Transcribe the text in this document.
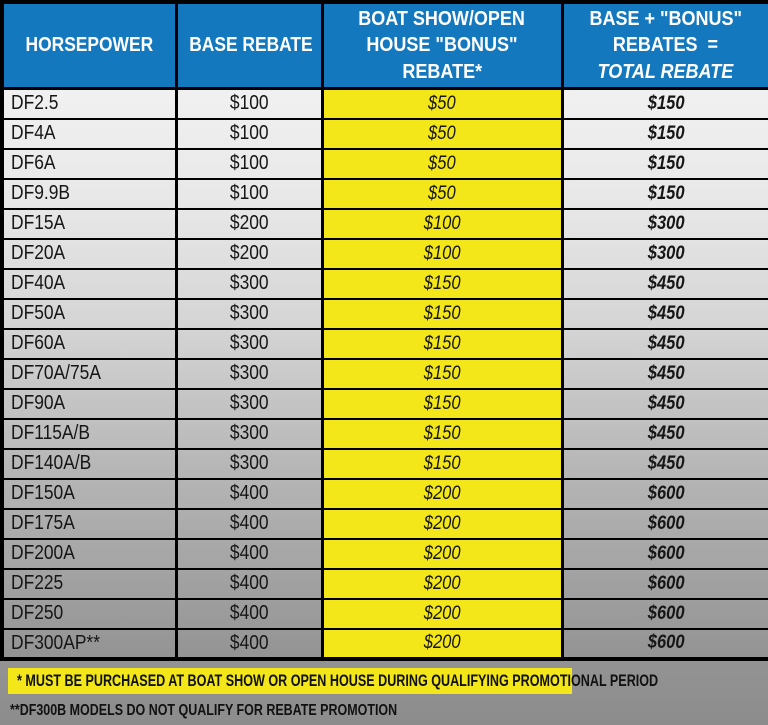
HORSEPOWER	BASE REBATE	BOAT SHOW/OPEN
HOUSE "BONUS"
REBATE*	BASE + "BONUS"
REBATES  =
TOTAL REBATE

DF2.5	$100	$50	$150
DF4A	$100	$50	$150
DF6A	$100	$50	$150
DF9.9B	$100	$50	$150
DF15A	$200	$100	$300
DF20A	$200	$100	$300
DF40A	$300	$150	$450
DF50A	$300	$150	$450
DF60A	$300	$150	$450
DF70A/75A	$300	$150	$450
DF90A	$300	$150	$450
DF115A/B	$300	$150	$450
DF140A/B	$300	$150	$450
DF150A	$400	$200	$600
DF175A	$400	$200	$600
DF200A	$400	$200	$600
DF225	$400	$200	$600
DF250	$400	$200	$600
DF300AP**	$400	$200	$600
* MUST BE PURCHASED AT BOAT SHOW OR OPEN HOUSE DURING QUALIFYING PROMOTIONAL PERIOD
**DF300B MODELS DO NOT QUALIFY FOR REBATE PROMOTION
